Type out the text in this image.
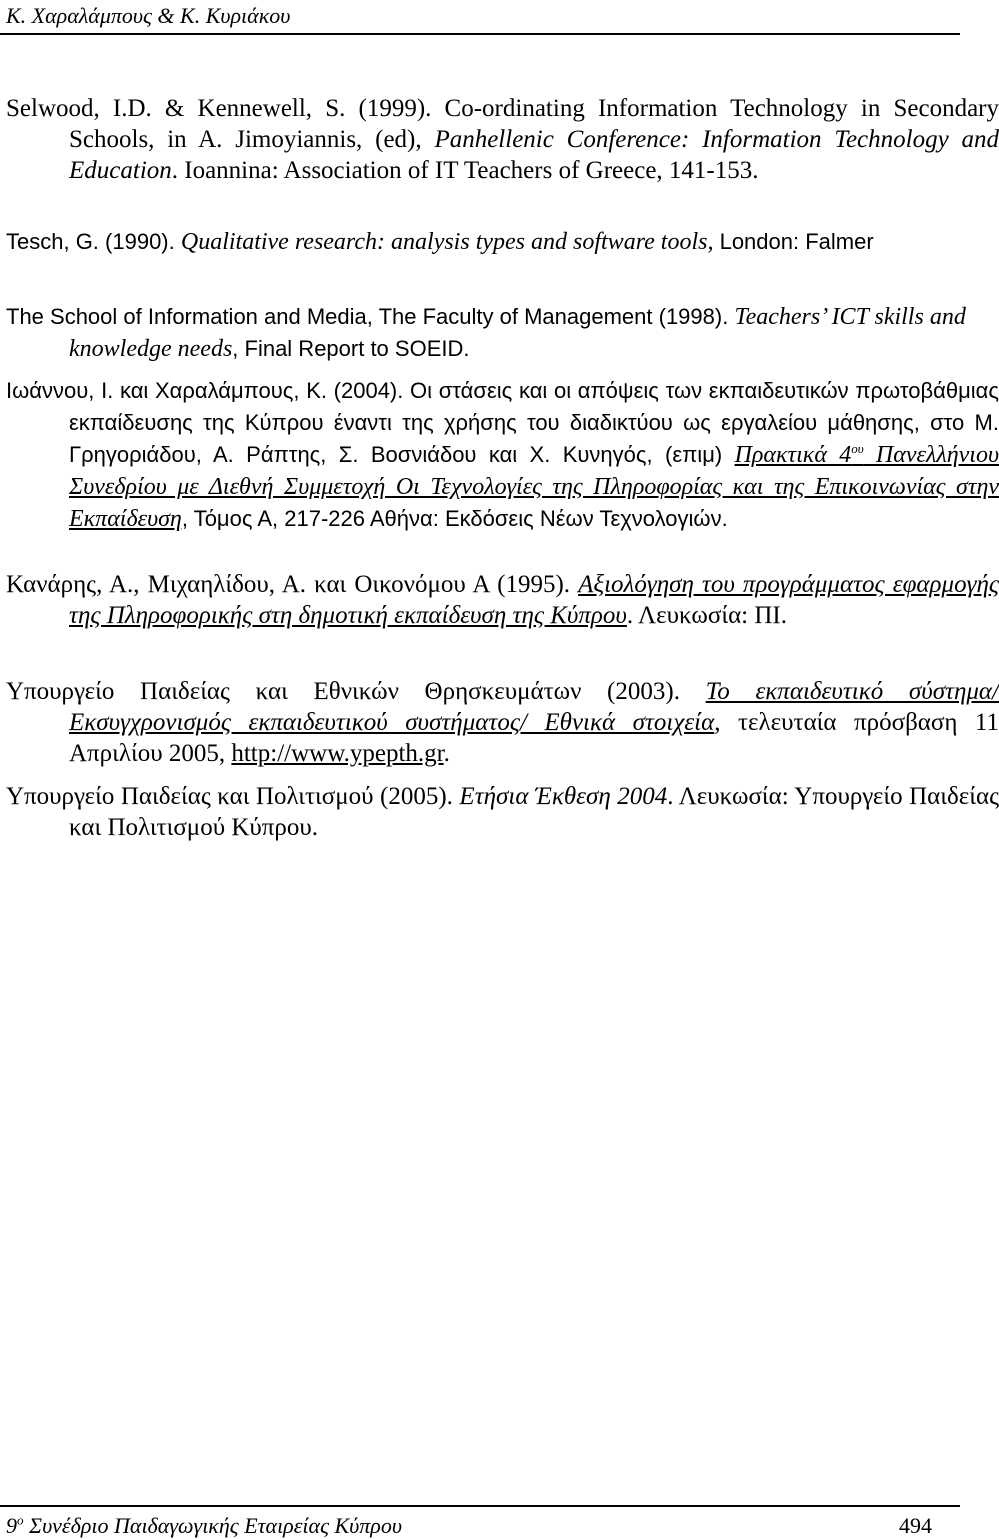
Κ. Χαραλάμπους & Κ. Κυριάκου

Selwood, I.D. & Kennewell, S. (1999). Co-ordinating Information Technology in Secondary Schools, in A. Jimoyiannis, (ed), Panhellenic Conference: Information Technology and Education. Ioannina: Association of IT Teachers of Greece, 141-153.

Tesch, G. (1990). Qualitative research: analysis types and software tools, London: Falmer

The School of Information and Media, The Faculty of Management (1998). Teachers’ ICT skills and knowledge needs, Final Report to SOEID.

Ιωάννου, Ι. και Χαραλάμπους, Κ. (2004). Οι στάσεις και οι απόψεις των εκπαιδευτικών πρωτοβάθμιας εκπαίδευσης της Κύπρου έναντι της χρήσης του διαδικτύου ως εργαλείου μάθησης, στο Μ. Γρηγοριάδου, Α. Ράπτης, Σ. Βοσνιάδου και Χ. Κυνηγός, (επιμ) Πρακτικά $4^{o\upsilon}$ Πανελλήνιου Συνεδρίου με Διεθνή Συμμετοχή Οι Τεχνολογίες της Πληροφορίας και της Επικοινωνίας στην Εκπαίδευση, Τόμος Α, 217-226 Αθήνα: Εκδόσεις Νέων Τεχνολογιών.

Κανάρης, Α., Μιχαηλίδου, Α. και Οικονόμου Α (1995). Αξιολόγηση του προγράμματος εφαρμογής της Πληροφορικής στη δημοτική εκπαίδευση της Κύπρου. Λευκωσία: ΠΙ.

Υπουργείο Παιδείας και Εθνικών Θρησκευμάτων (2003). Το εκπαιδευτικό σύστημα/ Εκσυγχρονισμός εκπαιδευτικού συστήματος/ Εθνικά στοιχεία, τελευταία πρόσβαση 11 Απριλίου 2005, http://www.ypepth.gr.

Υπουργείο Παιδείας και Πολιτισμού (2005). Ετήσια Έκθεση 2004. Λευκωσία: Υπουργείο Παιδείας και Πολιτισμού Κύπρου.

$9^o$ Συνέδριο Παιδαγωγικής Εταιρείας Κύπρου	494
